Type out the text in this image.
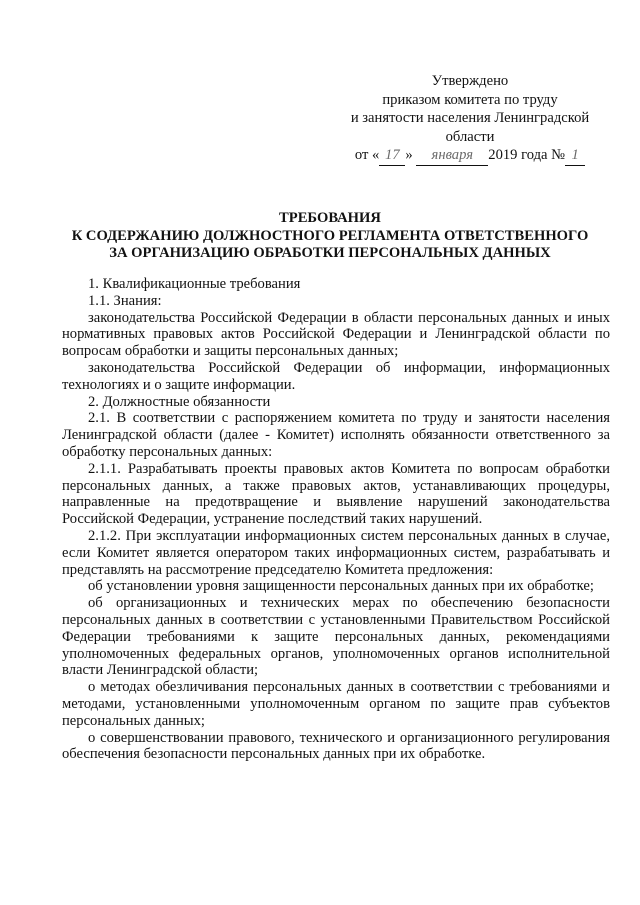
Утверждено
приказом комитета по труду
и занятости населения Ленинградской
области
от « 17 » января 2019 года № 1
ТРЕБОВАНИЯ
К СОДЕРЖАНИЮ ДОЛЖНОСТНОГО РЕГЛАМЕНТА ОТВЕТСТВЕННОГО
ЗА ОРГАНИЗАЦИЮ ОБРАБОТКИ ПЕРСОНАЛЬНЫХ ДАННЫХ

1. Квалификационные требования

1.1. Знания:

законодательства Российской Федерации в области персональных данных и иных нормативных правовых актов Российской Федерации и Ленинградской области по вопросам обработки и защиты персональных данных;

законодательства Российской Федерации об информации, информационных технологиях и о защите информации.

2. Должностные обязанности

2.1. В соответствии с распоряжением комитета по труду и занятости населения Ленинградской области (далее - Комитет) исполнять обязанности ответственного за обработку персональных данных:

2.1.1. Разрабатывать проекты правовых актов Комитета по вопросам обработки персональных данных, а также правовых актов, устанавливающих процедуры, направленные на предотвращение и выявление нарушений законодательства Российской Федерации, устранение последствий таких нарушений.

2.1.2. При эксплуатации информационных систем персональных данных в случае, если Комитет является оператором таких информационных систем, разрабатывать и представлять на рассмотрение председателю Комитета предложения:

об установлении уровня защищенности персональных данных при их обработке;

об организационных и технических мерах по обеспечению безопасности персональных данных в соответствии с установленными Правительством Российской Федерации требованиями к защите персональных данных, рекомендациями уполномоченных федеральных органов, уполномоченных органов исполнительной власти Ленинградской области;

о методах обезличивания персональных данных в соответствии с требованиями и методами, установленными уполномоченным органом по защите прав субъектов персональных данных;

о совершенствовании правового, технического и организационного регулирования обеспечения безопасности персональных данных при их обработке.
